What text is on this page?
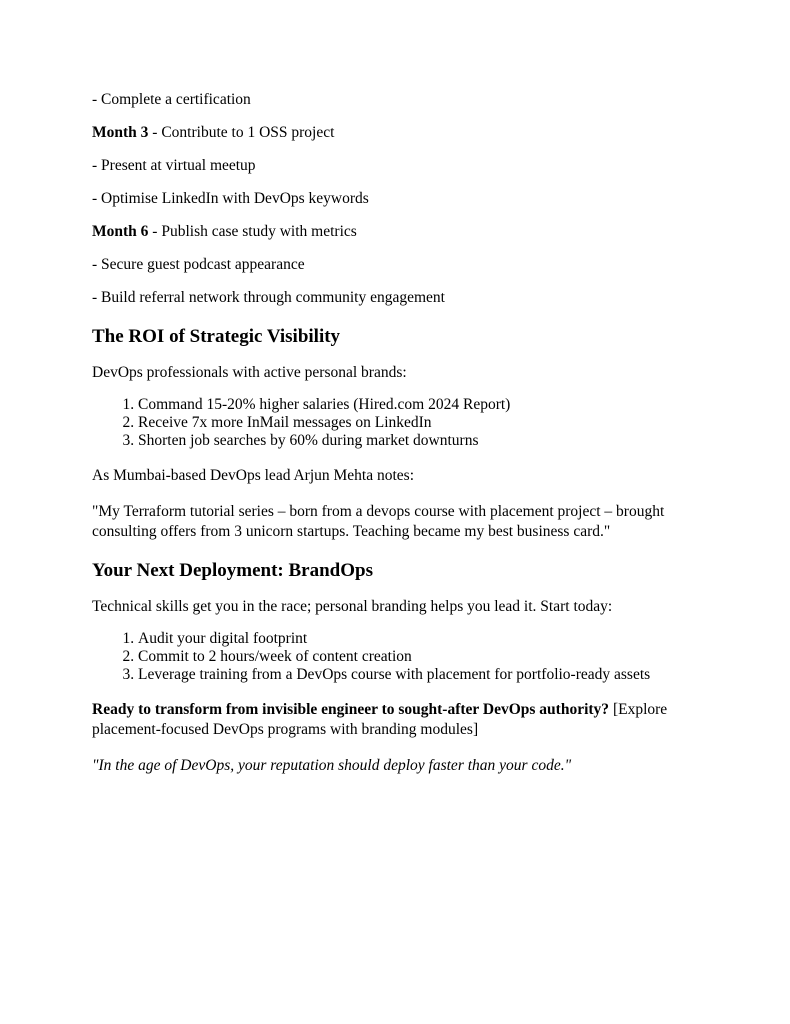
- Complete a certification

Month 3 - Contribute to 1 OSS project

- Present at virtual meetup

- Optimise LinkedIn with DevOps keywords

Month 6 - Publish case study with metrics

- Secure guest podcast appearance

- Build referral network through community engagement

The ROI of Strategic Visibility

DevOps professionals with active personal brands:

1. Command 15-20% higher salaries (Hired.com 2024 Report)
2. Receive 7x more InMail messages on LinkedIn
3. Shorten job searches by 60% during market downturns

As Mumbai-based DevOps lead Arjun Mehta notes:

"My Terraform tutorial series – born from a devops course with placement project – brought consulting offers from 3 unicorn startups. Teaching became my best business card."

Your Next Deployment: BrandOps

Technical skills get you in the race; personal branding helps you lead it. Start today:

1. Audit your digital footprint
2. Commit to 2 hours/week of content creation
3. Leverage training from a DevOps course with placement for portfolio-ready assets

Ready to transform from invisible engineer to sought-after DevOps authority? [Explore placement-focused DevOps programs with branding modules]

"In the age of DevOps, your reputation should deploy faster than your code."
